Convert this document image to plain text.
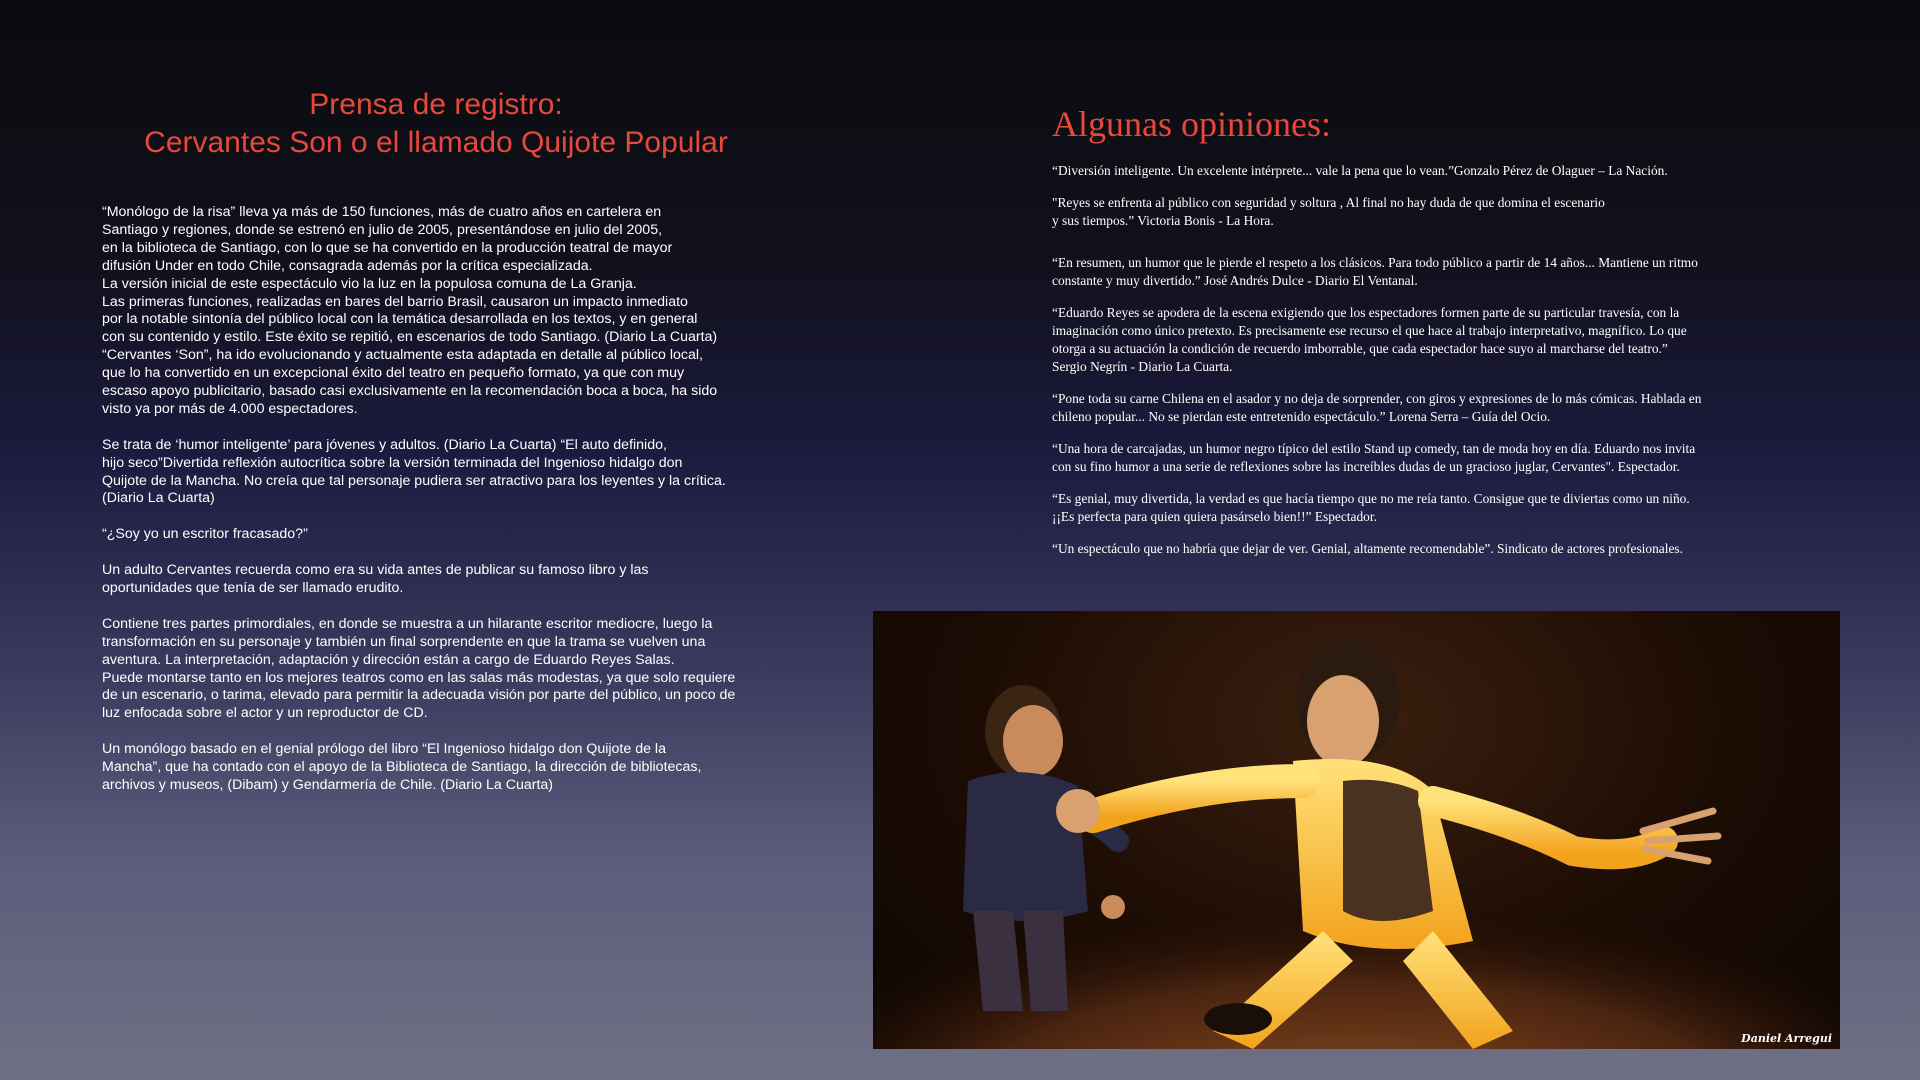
Prensa de registro:
Cervantes Son o el llamado Quijote Popular

“Monólogo de la risa” lleva ya más de 150 funciones, más de cuatro años en cartelera en
Santiago y regiones, donde se estrenó en julio de 2005, presentándose en julio del 2005,
en la biblioteca de Santiago, con lo que se ha convertido en la producción teatral de mayor
difusión Under en todo Chile, consagrada además por la crítica especializada.
La versión inicial de este espectáculo vio la luz en la populosa comuna de La Granja.
Las primeras funciones, realizadas en bares del barrio Brasil, causaron un impacto inmediato
por la notable sintonía del público local con la temática desarrollada en los textos, y en general
con su contenido y estilo. Este éxito se repitió, en escenarios de todo Santiago. (Diario La Cuarta)
“Cervantes ‘Son”, ha ido evolucionando y actualmente esta adaptada en detalle al público local,
que lo ha convertido en un excepcional éxito del teatro en pequeño formato, ya que con muy
escaso apoyo publicitario, basado casi exclusivamente en la recomendación boca a boca, ha sido
visto ya por más de 4.000 espectadores.

Se trata de ‘humor inteligente’ para jóvenes y adultos. (Diario La Cuarta) “El auto definido,
hijo seco”Divertida reflexión autocrítica sobre la versión terminada del Ingenioso hidalgo don
Quijote de la Mancha. No creía que tal personaje pudiera ser atractivo para los leyentes y la crítica.
(Diario La Cuarta)

“¿Soy yo un escritor fracasado?”

Un adulto Cervantes recuerda como era su vida antes de publicar su famoso libro y las
oportunidades que tenía de ser llamado erudito.

Contiene tres partes primordiales, en donde se muestra a un hilarante escritor mediocre, luego la
transformación en su personaje y también un final sorprendente en que la trama se vuelven una
aventura. La interpretación, adaptación y dirección están a cargo de Eduardo Reyes Salas.
Puede montarse tanto en los mejores teatros como en las salas más modestas, ya que solo requiere
de un escenario, o tarima, elevado para permitir la adecuada visión por parte del público, un poco de
luz enfocada sobre el actor y un reproductor de CD.

Un monólogo basado en el genial prólogo del libro “El Ingenioso hidalgo don Quijote de la
Mancha”, que ha contado con el apoyo de la Biblioteca de Santiago, la dirección de bibliotecas,
archivos y museos, (Dibam) y Gendarmería de Chile. (Diario La Cuarta)

Algunas opiniones:

“Diversión inteligente. Un excelente intérprete... vale la pena que lo vean.”Gonzalo Pérez de Olaguer – La Nación.

"Reyes se enfrenta al público con seguridad y soltura , Al final no hay duda de que domina el escenario
y sus tiempos.” Victoria Bonis - La Hora.

“En resumen, un humor que le pierde el respeto a los clásicos. Para todo público a partir de 14 años... Mantiene un ritmo
constante y muy divertido.” José Andrés Dulce - Diario El Ventanal.

“Eduardo Reyes se apodera de la escena exigiendo que los espectadores formen parte de su particular travesía, con la
imaginación como único pretexto. Es precisamente ese recurso el que hace al trabajo interpretativo, magnífico. Lo que
otorga a su actuación la condición de recuerdo imborrable, que cada espectador hace suyo al marcharse del teatro.”
Sergio Negrín - Diario La Cuarta.

“Pone toda su carne Chilena en el asador y no deja de sorprender, con giros y expresiones de lo más cómicas. Hablada en
chileno popular... No se pierdan este entretenido espectáculo.” Lorena Serra – Guía del Ocio.

“Una hora de carcajadas, un humor negro típico del estilo Stand up comedy, tan de moda hoy en día. Eduardo nos invita
con su fino humor a una serie de reflexiones sobre las increíbles dudas de un gracioso juglar, Cervantes". Espectador.

“Es genial, muy divertida, la verdad es que hacía tiempo que no me reía tanto. Consigue que te diviertas como un niño.
¡¡Es perfecta para quien quiera pasárselo bien!!” Espectador.

“Un espectáculo que no habría que dejar de ver. Genial, altamente recomendable”. Sindicato de actores profesionales.

Daniel Arregui
